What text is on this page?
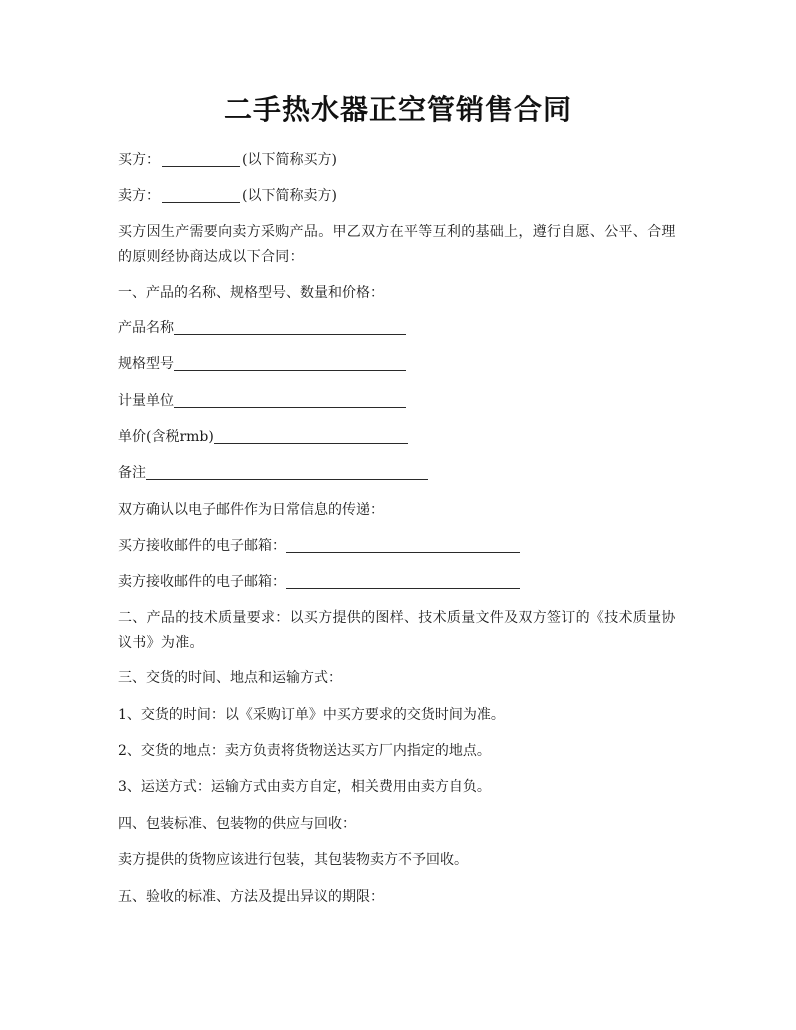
二手热水器正空管销售合同
买方：	(以下简称买方)
卖方：	(以下简称卖方)
买方因生产需要向卖方采购产品。甲乙双方在平等互利的基础上，遵行自愿、公平、合理的原则经协商达成以下合同：
一、产品的名称、规格型号、数量和价格：
产品名称
规格型号
计量单位
单价(含税rmb)
备注
双方确认以电子邮件作为日常信息的传递：
买方接收邮件的电子邮箱：
卖方接收邮件的电子邮箱：
二、产品的技术质量要求：以买方提供的图样、技术质量文件及双方签订的《技术质量协议书》为准。
三、交货的时间、地点和运输方式：
1、交货的时间：以《采购订单》中买方要求的交货时间为准。
2、交货的地点：卖方负责将货物送达买方厂内指定的地点。
3、运送方式：运输方式由卖方自定，相关费用由卖方自负。
四、包装标准、包装物的供应与回收：
卖方提供的货物应该进行包装，其包装物卖方不予回收。
五、验收的标准、方法及提出异议的期限：
